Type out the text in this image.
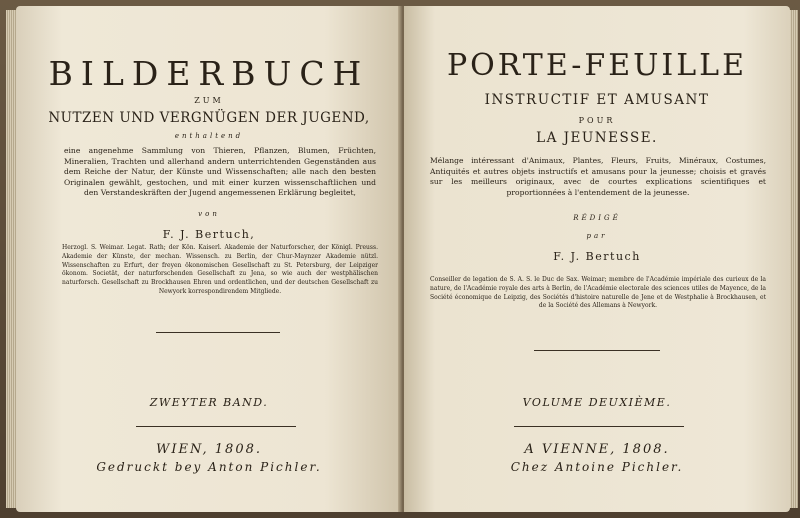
BILDERBUCH
ZUM
NUTZEN UND VERGNÜGEN DER JUGEND,
enthaltend
eine angenehme Sammlung von Thieren, Pflanzen, Blumen, Früchten, Mineralien, Trachten und allerhand andern unterrichtenden Gegenständen aus dem Reiche der Natur, der Künste und Wissenschaften; alle nach den besten Originalen gewählt, gestochen, und mit einer kurzen wissenschaftlichen und den Verstandeskräften der Jugend angemessenen Erklärung begleitet,
von
F. J. Bertuch,
Herzogl. S. Weimar. Legat. Rath; der Kön. Kaiserl. Akademie der Naturforscher, der Königl. Preuss. Akademie der Künste, der mechan. Wissensch. zu Berlin, der Chur-Maynzer Akademie nützl. Wissenschaften zu Erfurt, der freyen ökonomischen Gesellschaft zu St. Petersburg, der Leipziger ökonom. Societät, der naturforschenden Gesellschaft zu Jena, so wie auch der westphälischen naturforsch. Gesellschaft zu Brockhausen Ehren und ordentlichen, und der deutschen Gesellschaft zu Newyork korrespondirendem Mitgliede.
ZWEYTER BAND.
WIEN, 1808.
Gedruckt bey Anton Pichler.
PORTE-FEUILLE
INSTRUCTIF ET AMUSANT
POUR
LA JEUNESSE.
Mélange intéressant d'Animaux, Plantes, Fleurs, Fruits, Minéraux, Costumes, Antiquités et autres objets instructifs et amusans pour la jeunesse; choisis et gravés sur les meilleurs originaux, avec de courtes explications scientifiques et proportionnées à l'entendement de la jeunesse.
RÉDIGÉ
par
F. J. Bertuch
Conseiller de legation de S. A. S. le Duc de Sax. Weimar; membre de l'Académie impériale des curieux de la nature, de l'Académie royale des arts à Berlin, de l'Académie electorale des sciences utiles de Mayence, de la Société économique de Leipzig, des Sociétés d'histoire naturelle de Jene et de Westphalie à Brockhausen, et de la Société des Allemans à Newyork.
VOLUME DEUXIÈME.
A VIENNE, 1808.
Chez Antoine Pichler.
